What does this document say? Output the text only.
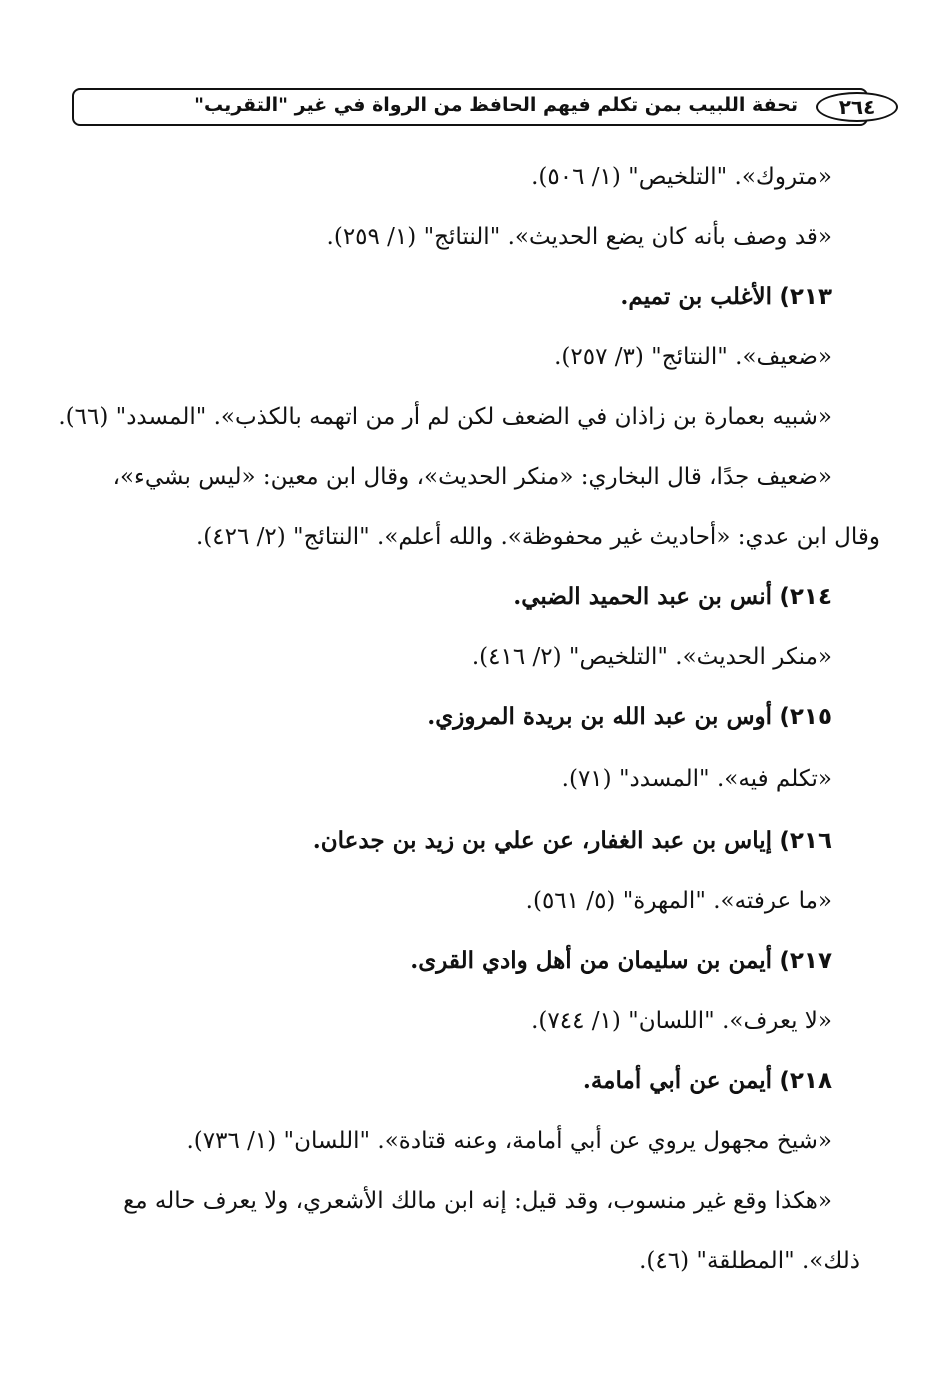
٢٦٤
تحفة اللبيب بمن تكلم فيهم الحافظ من الرواة في غير "التقريب"
«متروك». "التلخيص" (١/ ٥٠٦).
«قد وصف بأنه كان يضع الحديث». "النتائج" (١/ ٢٥٩).
٢١٣) الأغلب بن تميم.
«ضعيف». "النتائج" (٣/ ٢٥٧).
«شبيه بعمارة بن زاذان في الضعف لكن لم أر من اتهمه بالكذب». "المسدد" (٦٦).
«ضعيف جدًا، قال البخاري: «منكر الحديث»، وقال ابن معين: «ليس بشيء»،
وقال ابن عدي: «أحاديث غير محفوظة». والله أعلم». "النتائج" (٢/ ٤٢٦).
٢١٤) أنس بن عبد الحميد الضبي.
«منكر الحديث». "التلخيص" (٢/ ٤١٦).
٢١٥) أوس بن عبد الله بن بريدة المروزي.
«تكلم فيه». "المسدد" (٧١).
٢١٦) إياس بن عبد الغفار، عن علي بن زيد بن جدعان.
«ما عرفته». "المهرة" (٥/ ٥٦١).
٢١٧) أيمن بن سليمان من أهل وادي القرى.
«لا يعرف». "اللسان" (١/ ٧٤٤).
٢١٨) أيمن عن أبي أمامة.
«شيخ مجهول يروي عن أبي أمامة، وعنه قتادة». "اللسان" (١/ ٧٣٦).
«هكذا وقع غير منسوب، وقد قيل: إنه ابن مالك الأشعري، ولا يعرف حاله مع
ذلك». "المطلقة" (٤٦).
